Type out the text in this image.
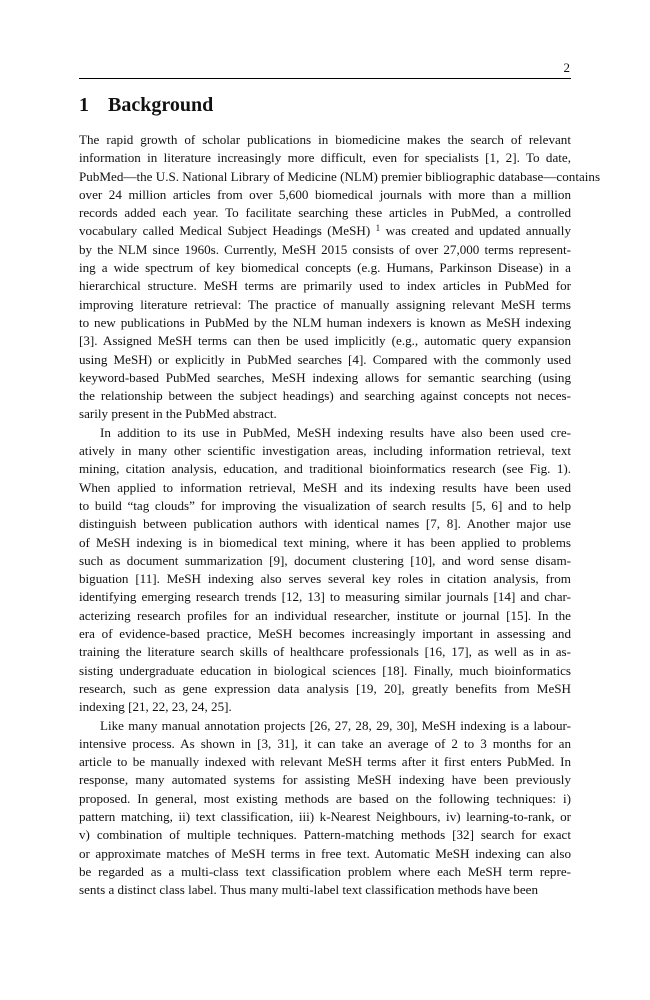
2
1 Background
The rapid growth of scholar publications in biomedicine makes the search of relevant
information in literature increasingly more difficult, even for specialists [1, 2]. To date,
PubMed—the U.S. National Library of Medicine (NLM) premier bibliographic database—contains
over 24 million articles from over 5,600 biomedical journals with more than a million
records added each year. To facilitate searching these articles in PubMed, a controlled
vocabulary called Medical Subject Headings (MeSH) $^1$ was created and updated annually
by the NLM since 1960s. Currently, MeSH 2015 consists of over 27,000 terms represent-
ing a wide spectrum of key biomedical concepts (e.g. Humans, Parkinson Disease) in a
hierarchical structure. MeSH terms are primarily used to index articles in PubMed for
improving literature retrieval: The practice of manually assigning relevant MeSH terms
to new publications in PubMed by the NLM human indexers is known as MeSH indexing
[3]. Assigned MeSH terms can then be used implicitly (e.g., automatic query expansion
using MeSH) or explicitly in PubMed searches [4]. Compared with the commonly used
keyword-based PubMed searches, MeSH indexing allows for semantic searching (using
the relationship between the subject headings) and searching against concepts not neces-
sarily present in the PubMed abstract.
In addition to its use in PubMed, MeSH indexing results have also been used cre-
atively in many other scientific investigation areas, including information retrieval, text
mining, citation analysis, education, and traditional bioinformatics research (see Fig. 1).
When applied to information retrieval, MeSH and its indexing results have been used
to build “tag clouds” for improving the visualization of search results [5, 6] and to help
distinguish between publication authors with identical names [7, 8]. Another major use
of MeSH indexing is in biomedical text mining, where it has been applied to problems
such as document summarization [9], document clustering [10], and word sense disam-
biguation [11]. MeSH indexing also serves several key roles in citation analysis, from
identifying emerging research trends [12, 13] to measuring similar journals [14] and char-
acterizing research profiles for an individual researcher, institute or journal [15]. In the
era of evidence-based practice, MeSH becomes increasingly important in assessing and
training the literature search skills of healthcare professionals [16, 17], as well as in as-
sisting undergraduate education in biological sciences [18]. Finally, much bioinformatics
research, such as gene expression data analysis [19, 20], greatly benefits from MeSH
indexing [21, 22, 23, 24, 25].
Like many manual annotation projects [26, 27, 28, 29, 30], MeSH indexing is a labour-
intensive process. As shown in [3, 31], it can take an average of 2 to 3 months for an
article to be manually indexed with relevant MeSH terms after it first enters PubMed. In
response, many automated systems for assisting MeSH indexing have been previously
proposed. In general, most existing methods are based on the following techniques: i)
pattern matching, ii) text classification, iii) k-Nearest Neighbours, iv) learning-to-rank, or
v) combination of multiple techniques. Pattern-matching methods [32] search for exact
or approximate matches of MeSH terms in free text. Automatic MeSH indexing can also
be regarded as a multi-class text classification problem where each MeSH term repre-
sents a distinct class label. Thus many multi-label text classification methods have been
